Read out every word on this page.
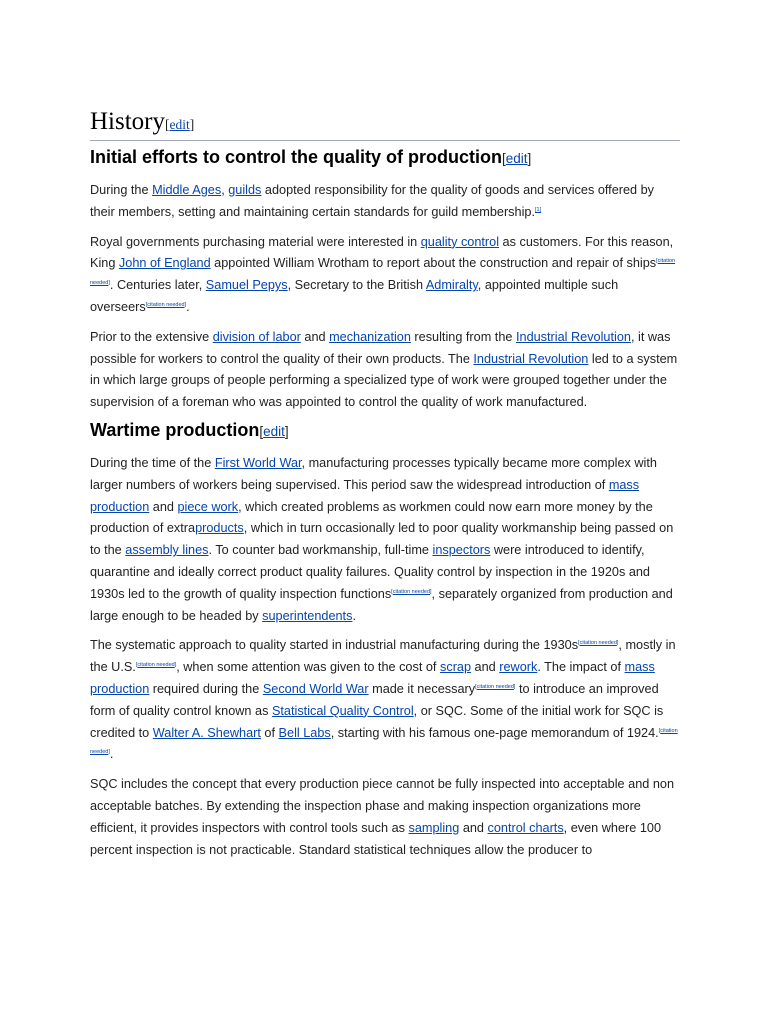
History[edit]
Initial efforts to control the quality of production[edit]

During the Middle Ages, guilds adopted responsibility for the quality of goods and services offered by their members, setting and maintaining certain standards for guild membership.[1]

Royal governments purchasing material were interested in quality control as customers. For this reason, King John of England appointed William Wrotham to report about the construction and repair of ships[citation needed]. Centuries later, Samuel Pepys, Secretary to the British Admiralty, appointed multiple such overseers[citation needed].

Prior to the extensive division of labor and mechanization resulting from the Industrial Revolution, it was possible for workers to control the quality of their own products. The Industrial Revolution led to a system in which large groups of people performing a specialized type of work were grouped together under the supervision of a foreman who was appointed to control the quality of work manufactured.

Wartime production[edit]

During the time of the First World War, manufacturing processes typically became more complex with larger numbers of workers being supervised. This period saw the widespread introduction of mass production and piece work, which created problems as workmen could now earn more money by the production of extraproducts, which in turn occasionally led to poor quality workmanship being passed on to the assembly lines. To counter bad workmanship, full-time inspectors were introduced to identify, quarantine and ideally correct product quality failures. Quality control by inspection in the 1920s and 1930s led to the growth of quality inspection functions[citation needed], separately organized from production and large enough to be headed by superintendents.

The systematic approach to quality started in industrial manufacturing during the 1930s[citation needed], mostly in the U.S.[citation needed], when some attention was given to the cost of scrap and rework. The impact of mass production required during the Second World War made it necessary[citation needed] to introduce an improved form of quality control known as Statistical Quality Control, or SQC. Some of the initial work for SQC is credited to Walter A. Shewhart of Bell Labs, starting with his famous one-page memorandum of 1924.[citation needed].

SQC includes the concept that every production piece cannot be fully inspected into acceptable and non acceptable batches. By extending the inspection phase and making inspection organizations more efficient, it provides inspectors with control tools such as sampling and control charts, even where 100 percent inspection is not practicable. Standard statistical techniques allow the producer to
